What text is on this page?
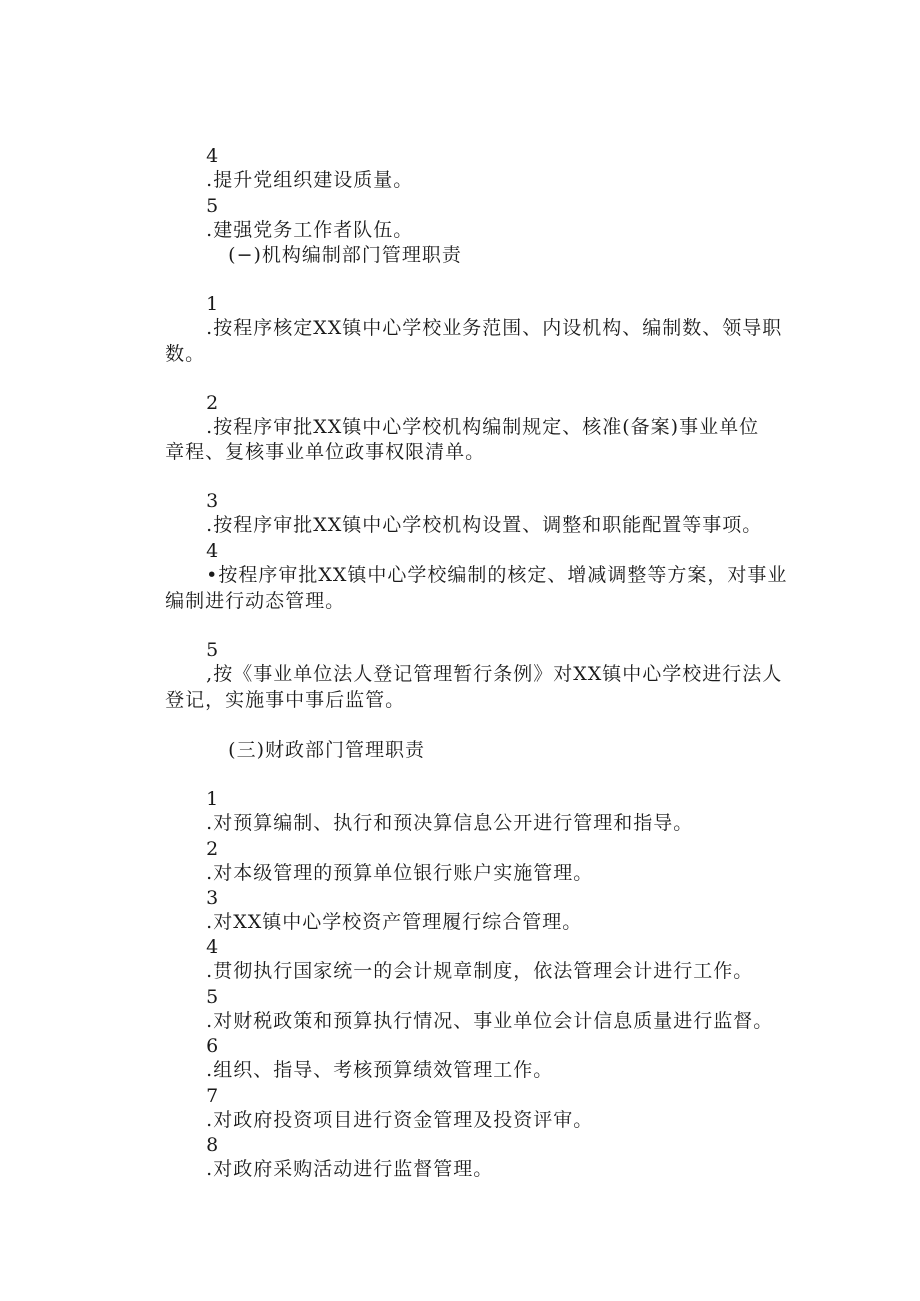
4
.提升党组织建设质量。

5
.建强党务工作者队伍。

(−)机构编制部门管理职责

1
.按程序核定XX镇中心学校业务范围、内设机构、编制数、领导职

数。

2
.按程序审批XX镇中心学校机构编制规定、核准(备案)事业单位

章程、复核事业单位政事权限清单。

3
.按程序审批XX镇中心学校机构设置、调整和职能配置等事项。

4
•按程序审批XX镇中心学校编制的核定、增减调整等方案，对事业

编制进行动态管理。

5
,按《事业单位法人登记管理暂行条例》对XX镇中心学校进行法人

登记，实施事中事后监管。

(三)财政部门管理职责

1
.对预算编制、执行和预决算信息公开进行管理和指导。

2
.对本级管理的预算单位银行账户实施管理。

3
.对XX镇中心学校资产管理履行综合管理。

4
.贯彻执行国家统一的会计规章制度，依法管理会计进行工作。

5
.对财税政策和预算执行情况、事业单位会计信息质量进行监督。

6
.组织、指导、考核预算绩效管理工作。

7
.对政府投资项目进行资金管理及投资评审。

8
.对政府采购活动进行监督管理。
